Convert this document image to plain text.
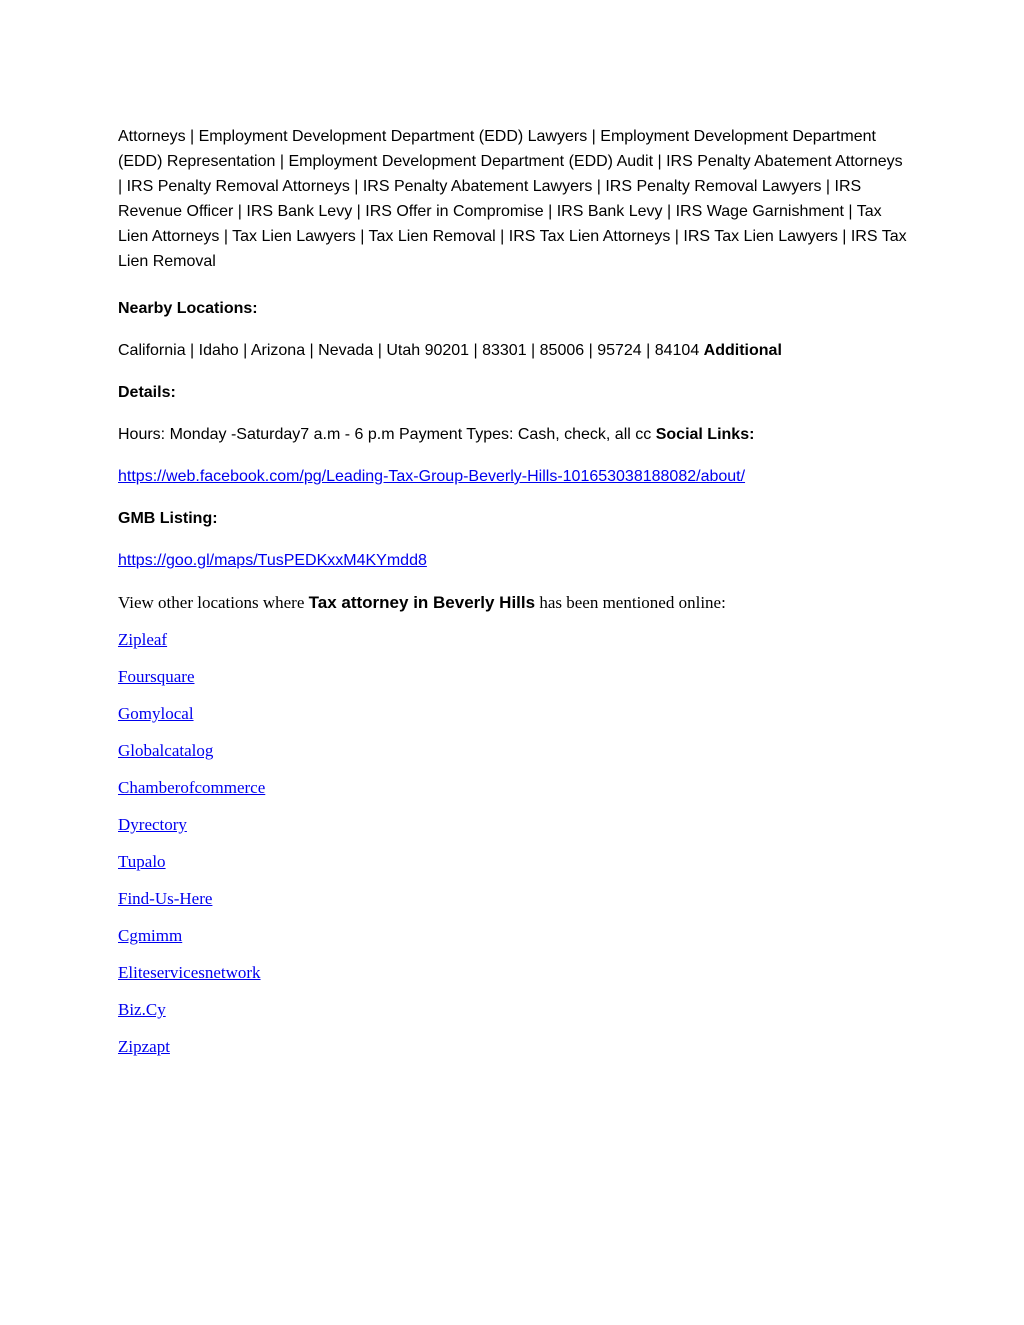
Attorneys | Employment Development Department (EDD) Lawyers | Employment Development Department (EDD) Representation | Employment Development Department (EDD) Audit | IRS Penalty Abatement Attorneys | IRS Penalty Removal Attorneys | IRS Penalty Abatement Lawyers | IRS Penalty Removal Lawyers | IRS Revenue Officer | IRS Bank Levy | IRS Offer in Compromise | IRS Bank Levy | IRS Wage Garnishment | Tax Lien Attorneys | Tax Lien Lawyers | Tax Lien Removal | IRS Tax Lien Attorneys | IRS Tax Lien Lawyers | IRS Tax Lien Removal

Nearby Locations:

California | Idaho | Arizona | Nevada | Utah 90201 | 83301 | 85006 | 95724 | 84104 Additional

Details:

Hours: Monday -Saturday7 a.m - 6 p.m Payment Types: Cash, check, all cc Social Links:

https://web.facebook.com/pg/Leading-Tax-Group-Beverly-Hills-101653038188082/about/

GMB Listing:

https://goo.gl/maps/TusPEDKxxM4KYmdd8

View other locations where Tax attorney in Beverly Hills has been mentioned online:

Zipleaf
Foursquare
Gomylocal
Globalcatalog
Chamberofcommerce
Dyrectory
Tupalo
Find-Us-Here
Cgmimm
Eliteservicesnetwork
Biz.Cy
Zipzapt
